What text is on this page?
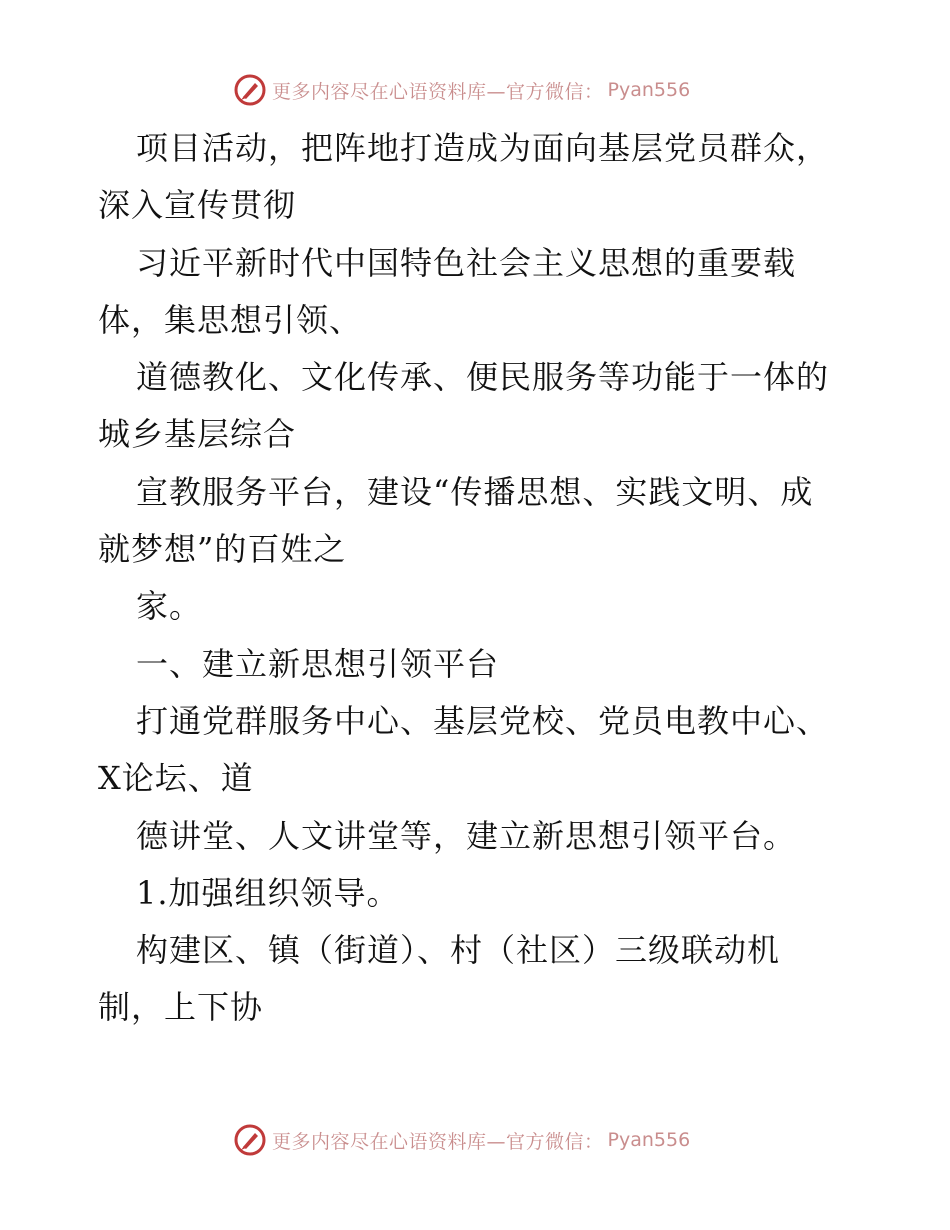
更多内容尽在心语资料库—官方微信： Pyan556
项目活动，把阵地打造成为面向基层党员群众，
深入宣传贯彻
习近平新时代中国特色社会主义思想的重要载
体，集思想引领、
道德教化、文化传承、便民服务等功能于一体的
城乡基层综合
宣教服务平台，建设“传播思想、实践文明、成
就梦想”的百姓之
家。
一、建立新思想引领平台
打通党群服务中心、基层党校、党员电教中心、
X论坛、道
德讲堂、人文讲堂等，建立新思想引领平台。
1.加强组织领导。
构建区、镇（街道）、村（社区）三级联动机
制，上下协
更多内容尽在心语资料库—官方微信： Pyan556
